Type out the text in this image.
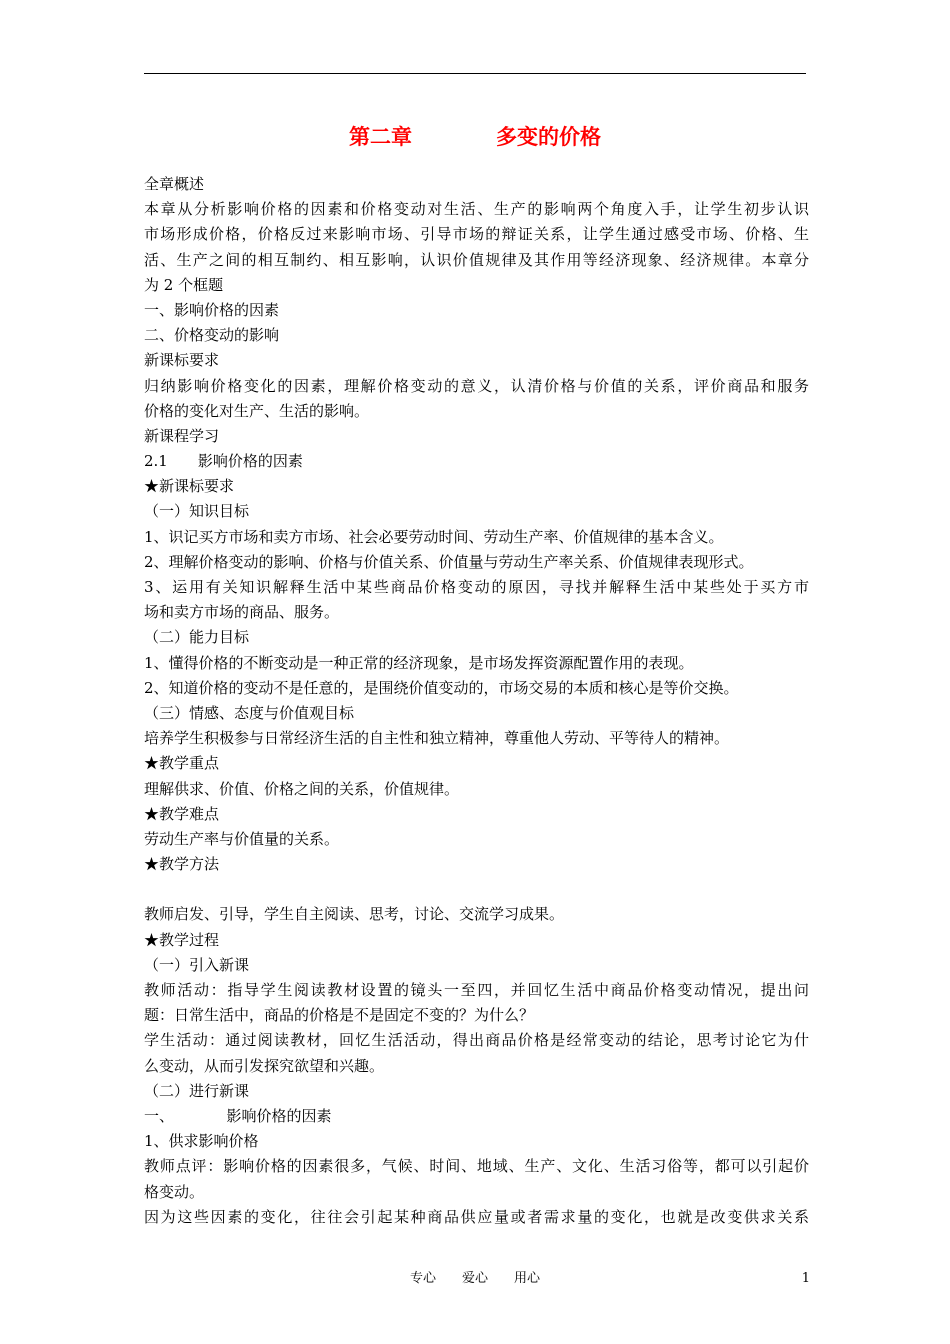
第二章　　　　多变的价格
全章概述
本章从分析影响价格的因素和价格变动对生活、生产的影响两个角度入手，让学生初步认识
市场形成价格，价格反过来影响市场、引导市场的辩证关系，让学生通过感受市场、价格、生
活、生产之间的相互制约、相互影响，认识价值规律及其作用等经济现象、经济规律。本章分
为 2 个框题
一、影响价格的因素
二、价格变动的影响
新课标要求
归纳影响价格变化的因素，理解价格变动的意义，认清价格与价值的关系，评价商品和服务
价格的变化对生产、生活的影响。
新课程学习
2.1　　影响价格的因素
★新课标要求
（一）知识目标
1、识记买方市场和卖方市场、社会必要劳动时间、劳动生产率、价值规律的基本含义。
2、理解价格变动的影响、价格与价值关系、价值量与劳动生产率关系、价值规律表现形式。
3、运用有关知识解释生活中某些商品价格变动的原因，寻找并解释生活中某些处于买方市
场和卖方市场的商品、服务。
（二）能力目标
1、懂得价格的不断变动是一种正常的经济现象，是市场发挥资源配置作用的表现。
2、知道价格的变动不是任意的，是围绕价值变动的，市场交易的本质和核心是等价交换。
（三）情感、态度与价值观目标
培养学生积极参与日常经济生活的自主性和独立精神，尊重他人劳动、平等待人的精神。
★教学重点
理解供求、价值、价格之间的关系，价值规律。
★教学难点
劳动生产率与价值量的关系。
★教学方法
教师启发、引导，学生自主阅读、思考，讨论、交流学习成果。
★教学过程
（一）引入新课
教师活动：指导学生阅读教材设置的镜头一至四，并回忆生活中商品价格变动情况，提出问
题：日常生活中，商品的价格是不是固定不变的？为什么？
学生活动：通过阅读教材，回忆生活活动，得出商品价格是经常变动的结论，思考讨论它为什
么变动，从而引发探究欲望和兴趣。
（二）进行新课
一、　　　　影响价格的因素
1、供求影响价格
教师点评：影响价格的因素很多，气候、时间、地域、生产、文化、生活习俗等，都可以引起价
格变动。
因为这些因素的变化，往往会引起某种商品供应量或者需求量的变化，也就是改变供求关系
专心　　爱心　　用心	1
